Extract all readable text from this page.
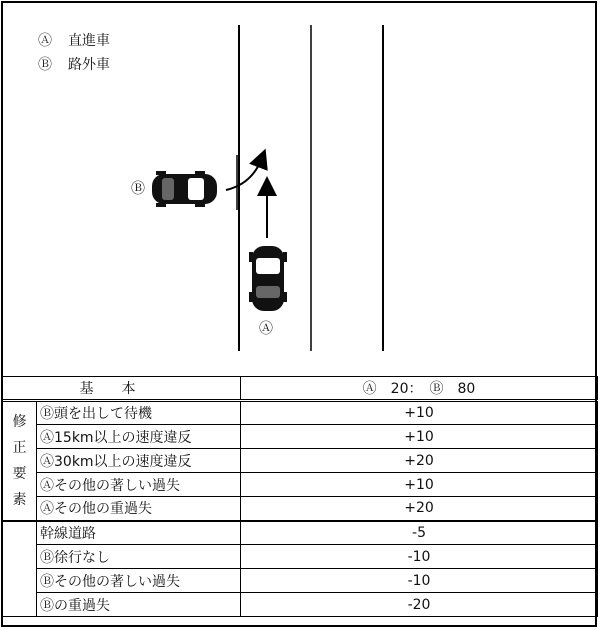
Ⓐ 直進車
Ⓑ 路外車
Ⓑ
Ⓐ
基本		Ⓐ　20：　Ⓑ　80

修
正
要
素	Ⓑ頭を出して待機	+10
	Ⓐ15km以上の速度違反	+10
	Ⓐ30km以上の速度違反	+20
	Ⓐその他の著しい過失	+10
	Ⓐその他の重過失	+20
	幹線道路	-5
	Ⓑ徐行なし	-10
	Ⓑその他の著しい過失	-10
	Ⓑの重過失	-20
